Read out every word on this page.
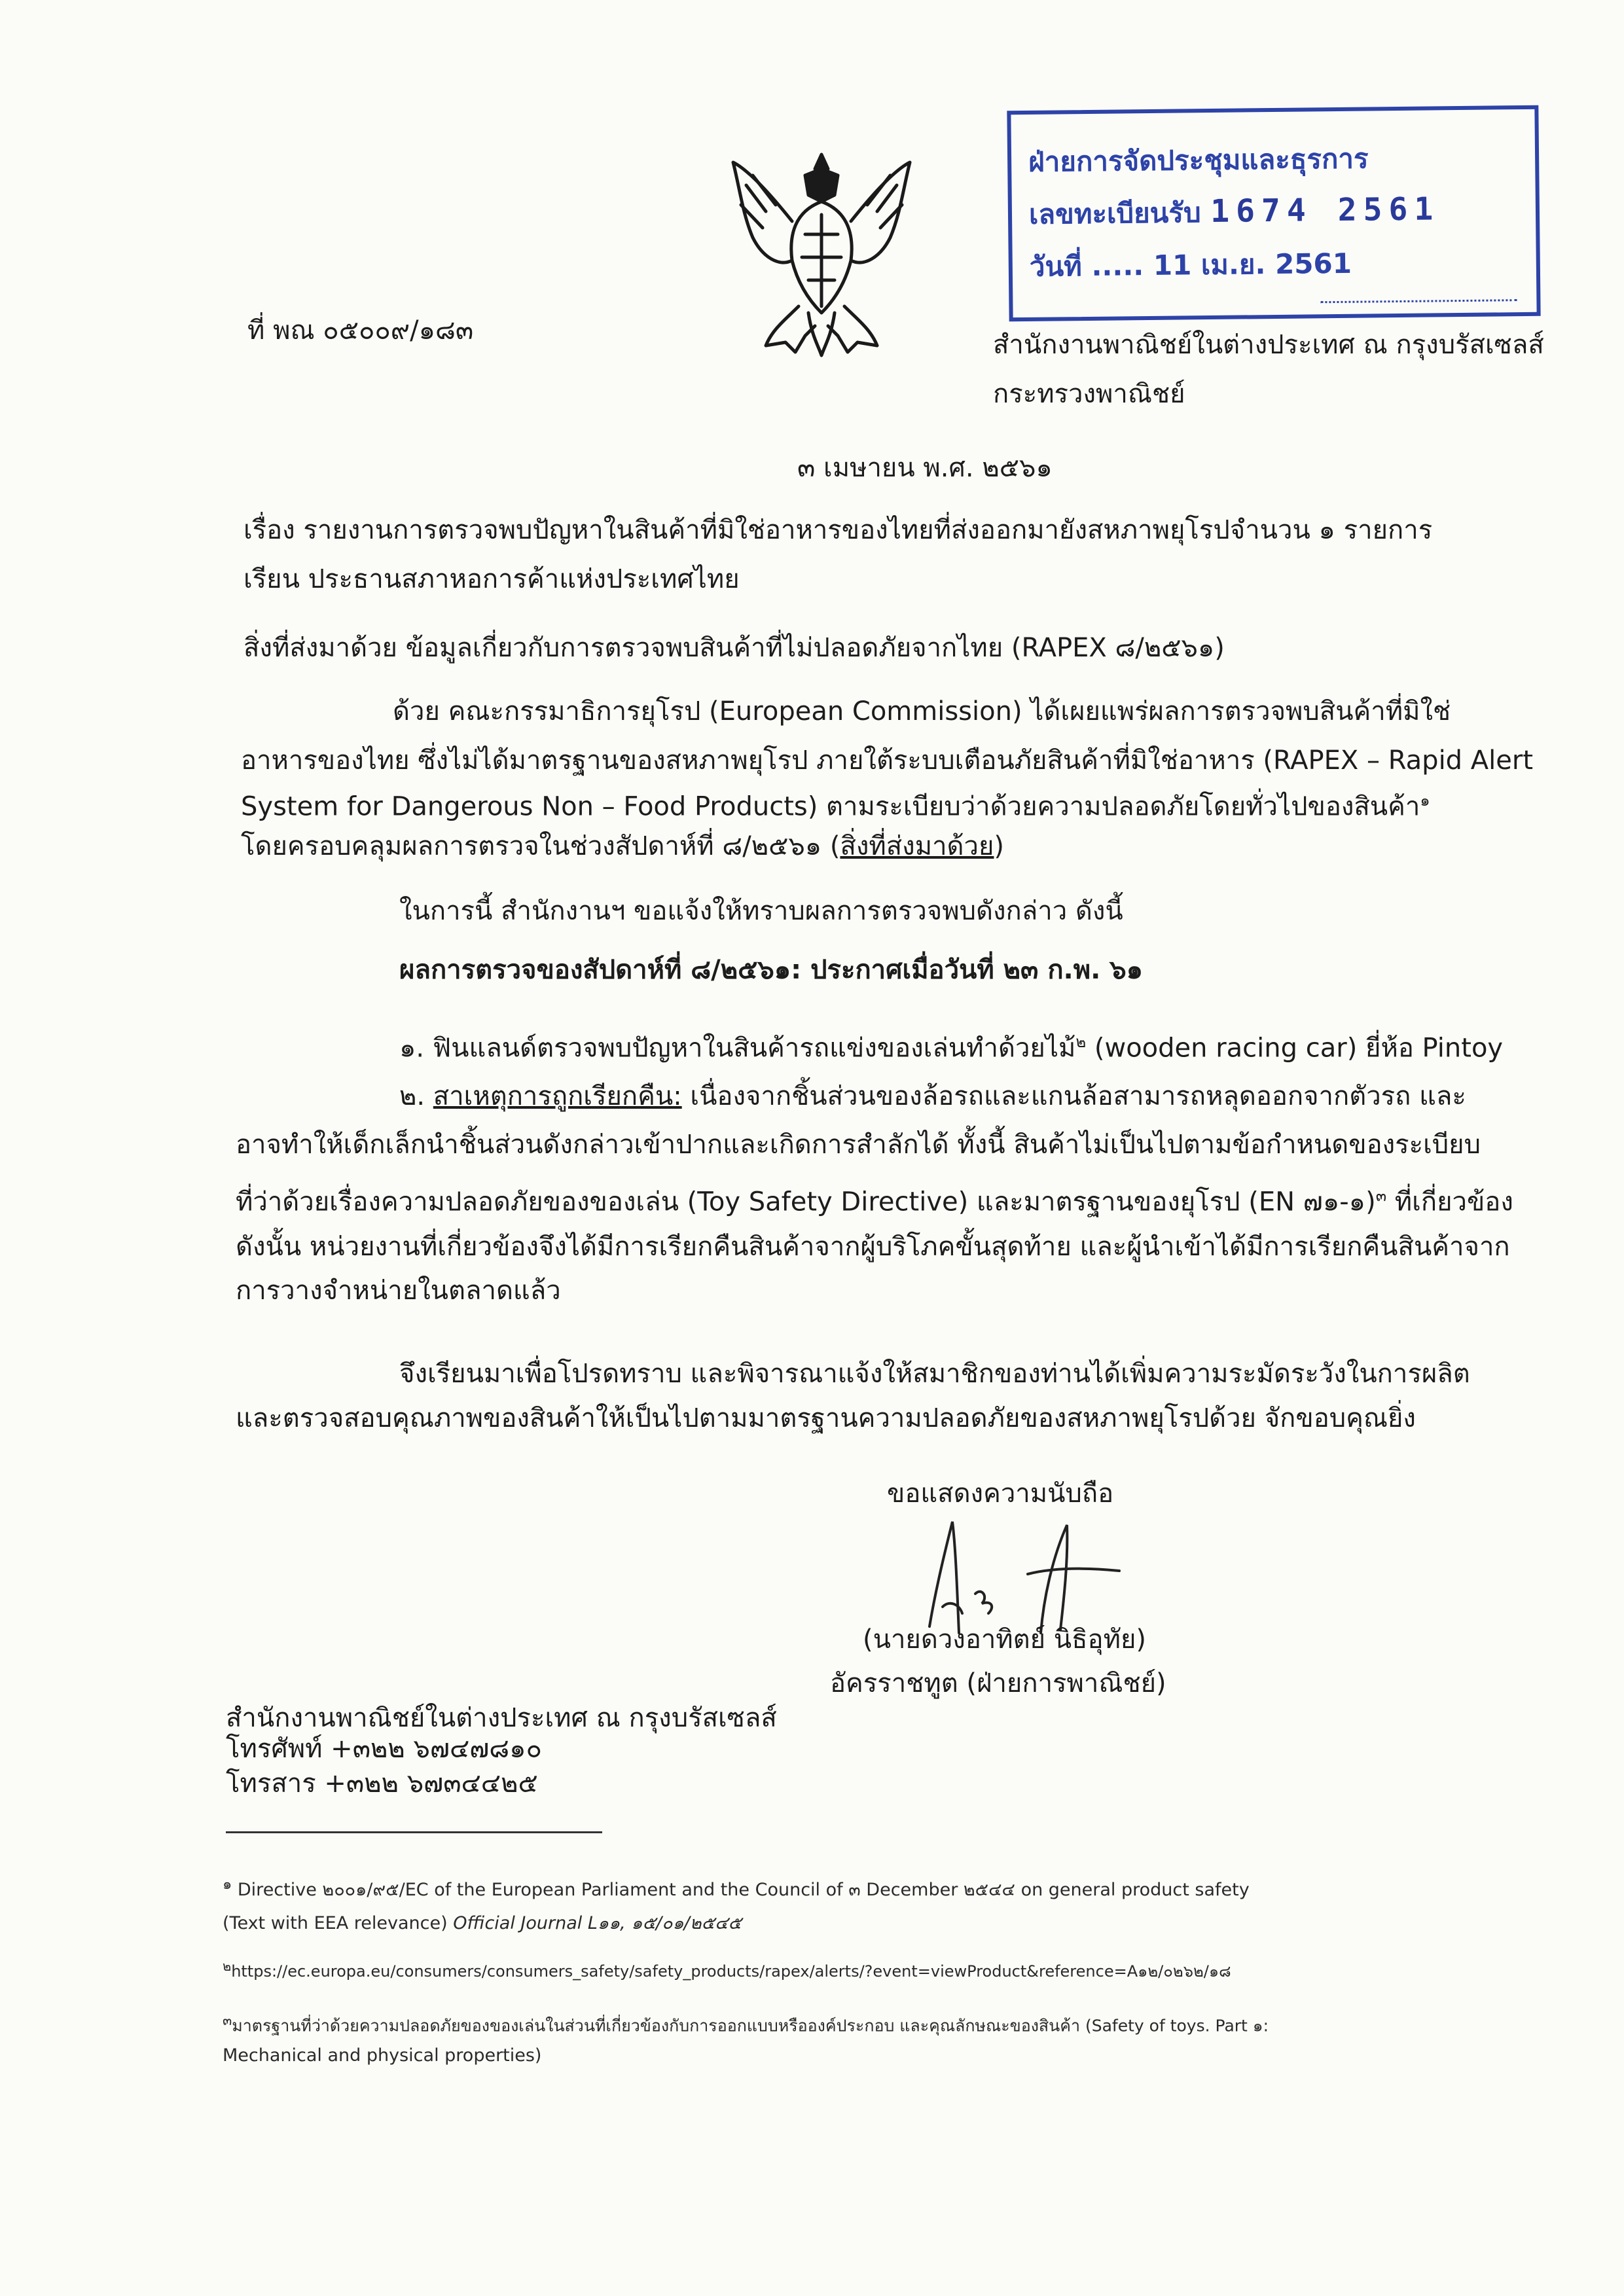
ฝ่ายการจัดประชุมและธุรการ
เลขทะเบียนรับ 1674 2561
วันที่ ..... 11 เม.ย. 2561
ที่ พณ ๐๕๐๐๙/๑๘๓	สำนักงานพาณิชย์ในต่างประเทศ ณ กรุงบรัสเซลส์
กระทรวงพาณิชย์
๓ เมษายน พ.ศ. ๒๕๖๑
เรื่อง รายงานการตรวจพบปัญหาในสินค้าที่มิใช่อาหารของไทยที่ส่งออกมายังสหภาพยุโรปจำนวน ๑ รายการ
เรียน ประธานสภาหอการค้าแห่งประเทศไทย
สิ่งที่ส่งมาด้วย ข้อมูลเกี่ยวกับการตรวจพบสินค้าที่ไม่ปลอดภัยจากไทย (RAPEX ๘/๒๕๖๑)
ด้วย คณะกรรมาธิการยุโรป (European Commission) ได้เผยแพร่ผลการตรวจพบสินค้าที่มิใช่
อาหารของไทย ซึ่งไม่ได้มาตรฐานของสหภาพยุโรป ภายใต้ระบบเตือนภัยสินค้าที่มิใช่อาหาร (RAPEX – Rapid Alert
System for Dangerous Non – Food Products) ตามระเบียบว่าด้วยความปลอดภัยโดยทั่วไปของสินค้า$^๑$
โดยครอบคลุมผลการตรวจในช่วงสัปดาห์ที่ ๘/๒๕๖๑ (สิ่งที่ส่งมาด้วย)
ในการนี้ สำนักงานฯ ขอแจ้งให้ทราบผลการตรวจพบดังกล่าว ดังนี้
ผลการตรวจของสัปดาห์ที่ ๘/๒๕๖๑: ประกาศเมื่อวันที่ ๒๓ ก.พ. ๖๑
๑. ฟินแลนด์ตรวจพบปัญหาในสินค้ารถแข่งของเล่นทำด้วยไม้$^๒$ (wooden racing car) ยี่ห้อ Pintoy
๒. สาเหตุการถูกเรียกคืน: เนื่องจากชิ้นส่วนของล้อรถและแกนล้อสามารถหลุดออกจากตัวรถ และ
อาจทำให้เด็กเล็กนำชิ้นส่วนดังกล่าวเข้าปากและเกิดการสำลักได้ ทั้งนี้ สินค้าไม่เป็นไปตามข้อกำหนดของระเบียบ
ที่ว่าด้วยเรื่องความปลอดภัยของของเล่น (Toy Safety Directive) และมาตรฐานของยุโรป (EN ๗๑-๑)$^๓$ ที่เกี่ยวข้อง
ดังนั้น หน่วยงานที่เกี่ยวข้องจึงได้มีการเรียกคืนสินค้าจากผู้บริโภคขั้นสุดท้าย และผู้นำเข้าได้มีการเรียกคืนสินค้าจาก
การวางจำหน่ายในตลาดแล้ว
จึงเรียนมาเพื่อโปรดทราบ และพิจารณาแจ้งให้สมาชิกของท่านได้เพิ่มความระมัดระวังในการผลิต
และตรวจสอบคุณภาพของสินค้าให้เป็นไปตามมาตรฐานความปลอดภัยของสหภาพยุโรปด้วย จักขอบคุณยิ่ง
ขอแสดงความนับถือ
(นายดวงอาทิตย์ นิธิอุทัย)
อัครราชทูต (ฝ่ายการพาณิชย์)
สำนักงานพาณิชย์ในต่างประเทศ ณ กรุงบรัสเซลส์
โทรศัพท์ +๓๒๒ ๖๗๔๗๘๑๐
โทรสาร +๓๒๒ ๖๗๓๔๔๒๕
$^๑$ Directive ๒๐๐๑/๙๕/EC of the European Parliament and the Council of ๓ December ๒๕๔๔ on general product safety
(Text with EEA relevance) Official Journal L๑๑, ๑๕/๐๑/๒๕๔๕
$^๒$https://ec.europa.eu/consumers/consumers_safety/safety_products/rapex/alerts/?event=viewProduct&reference=A๑๒/๐๒๖๒/๑๘
$^๓$มาตรฐานที่ว่าด้วยความปลอดภัยของของเล่นในส่วนที่เกี่ยวข้องกับการออกแบบหรือองค์ประกอบ และคุณลักษณะของสินค้า (Safety of toys. Part ๑:
Mechanical and physical properties)
